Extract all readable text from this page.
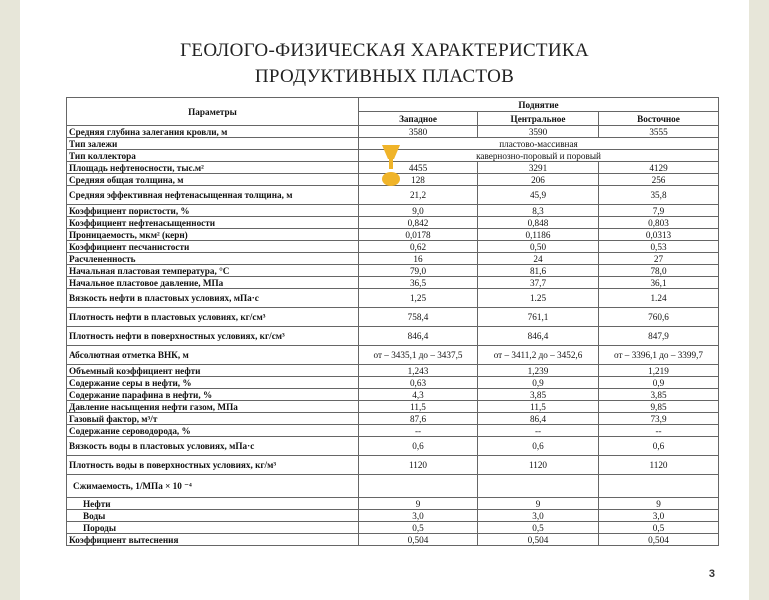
ГЕОЛОГО-ФИЗИЧЕСКАЯ ХАРАКТЕРИСТИКА
ПРОДУКТИВНЫХ ПЛАСТОВ
Параметры	Поднятие		
	Западное	Центральное	Восточное
Средняя глубина залегания кровли, м	3580	3590	3555
Тип залежи	пластово-массивная		
Тип коллектора	кавернозно-поровый и поровый		
Площадь нефтеносности, тыс.м²	4455	3291	4129
Средняя общая толщина, м	128	206	256
Средняя эффективная нефтенасыщенная толщина, м	21,2	45,9	35,8
Коэффициент пористости, %	9,0	8,3	7,9
Коэффициент нефтенасыщенности	0,842	0,848	0,803
Проницаемость, мкм² (керн)	0,0178	0,1186	0,0313
Коэффициент песчанистости	0,62	0,50	0,53
Расчлененность	16	24	27
Начальная пластовая температура, °С	79,0	81,6	78,0
Начальное пластовое давление, МПа	36,5	37,7	36,1
Вязкость нефти в пластовых условиях, мПа·с	1,25	1.25	1.24
Плотность нефти в пластовых условиях, кг/см³	758,4	761,1	760,6
Плотность нефти в поверхностных условиях, кг/см³	846,4	846,4	847,9
Абсолютная отметка ВНК, м	от – 3435,1 до – 3437,5	от – 3411,2 до – 3452,6	от – 3396,1 до – 3399,7
Объемный коэффициент нефти	1,243	1,239	1,219
Содержание серы в нефти, %	0,63	0,9	0,9
Содержание парафина в нефти, %	4,3	3,85	3,85
Давление насыщения нефти газом, МПа	11,5	11,5	9,85
Газовый фактор, м³/т	87,6	86,4	73,9
Содержание сероводорода, %	--	--	--
Вязкость воды в пластовых условиях, мПа·с	0,6	0,6	0,6
Плотность воды в поверхностных условиях, кг/м³	1120	1120	1120
Сжимаемость, 1/МПа × 10 ⁻⁴			
Нефти	9	9	9
Воды	3,0	3,0	3,0
Породы	0,5	0,5	0,5
Коэффициент вытеснения	0,504	0,504	0,504
3
